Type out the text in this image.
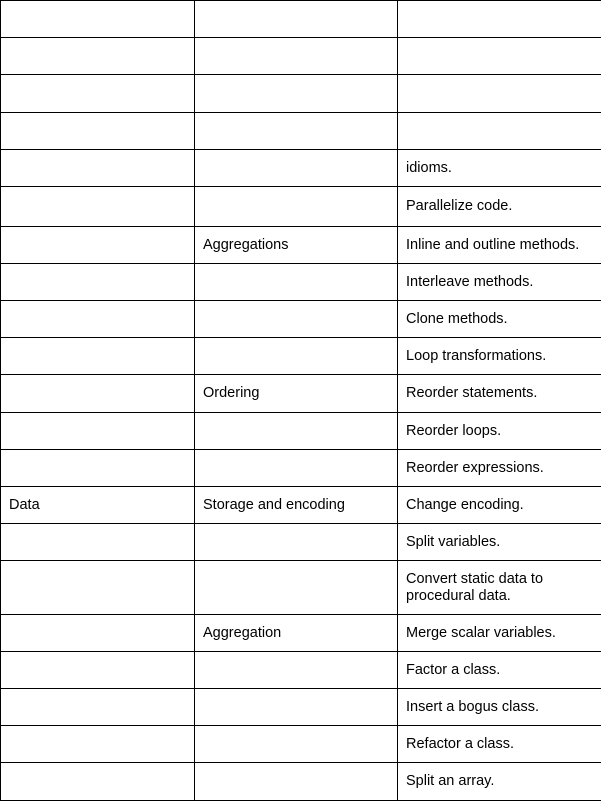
		idioms.
		Parallelize code.
	Aggregations	Inline and outline methods.
		Interleave methods.
		Clone methods.
		Loop transformations.
	Ordering	Reorder statements.
		Reorder loops.
		Reorder expressions.
Data	Storage and encoding	Change encoding.
		Split variables.
		Convert static data to procedural data.
	Aggregation	Merge scalar variables.
		Factor a class.
		Insert a bogus class.
		Refactor a class.
		Split an array.
